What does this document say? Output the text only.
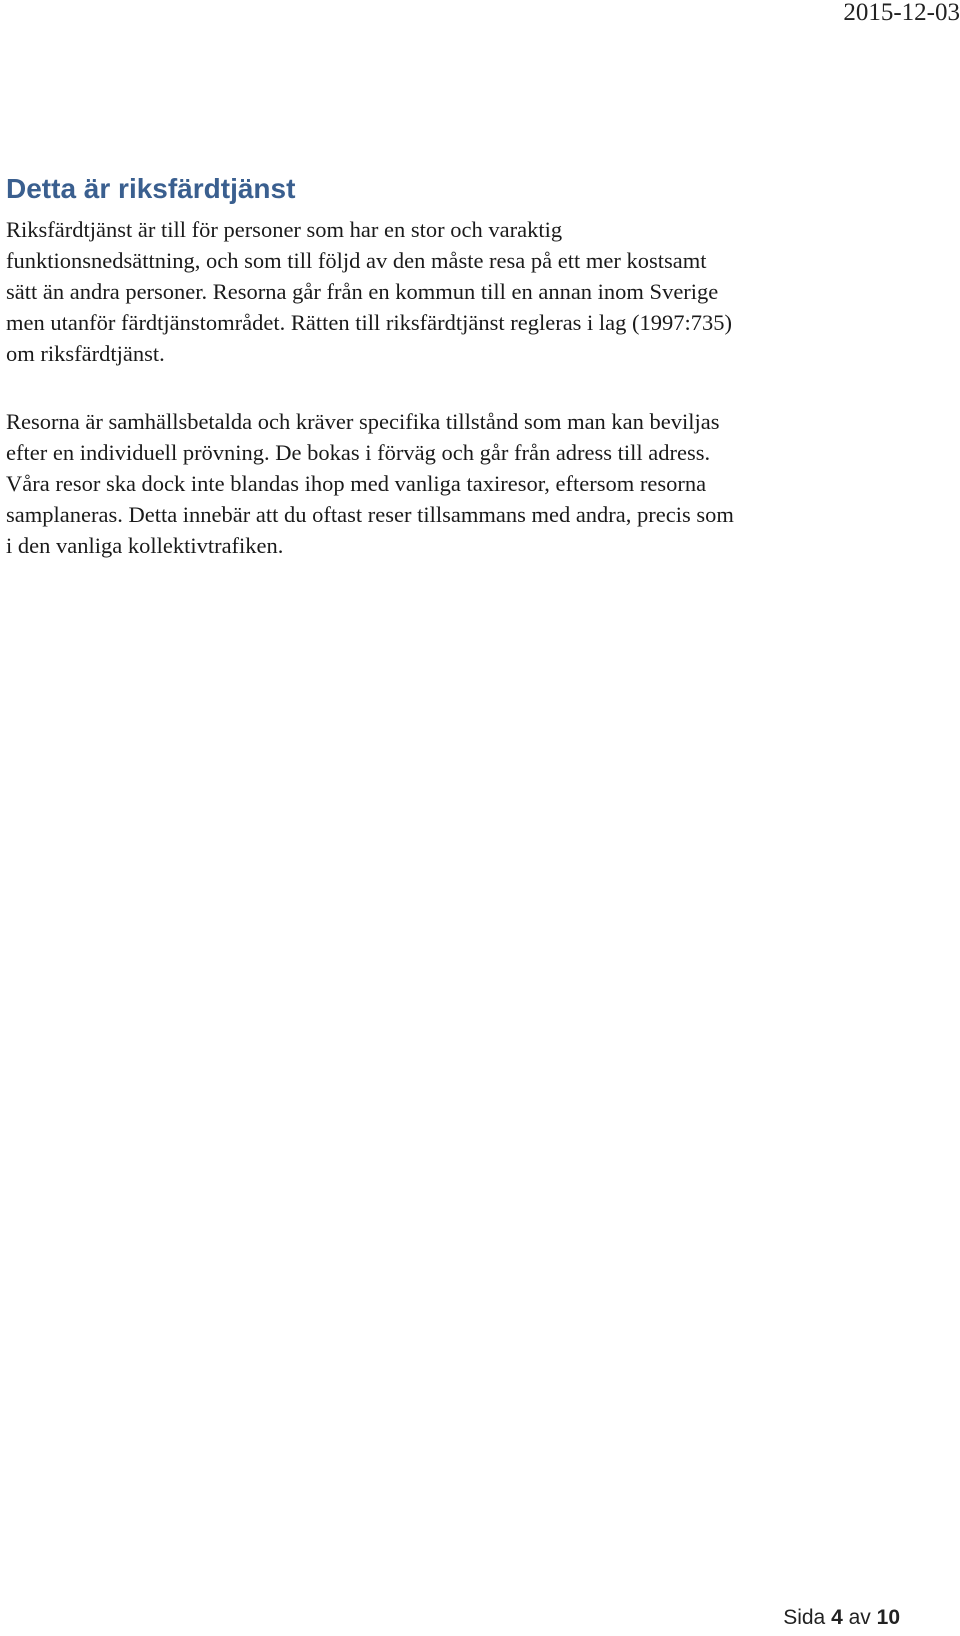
2015-12-03
Detta är riksfärdtjänst

Riksfärdtjänst är till för personer som har en stor och varaktig
funktionsnedsättning, och som till följd av den måste resa på ett mer kostsamt
sätt än andra personer. Resorna går från en kommun till en annan inom Sverige
men utanför färdtjänstområdet. Rätten till riksfärdtjänst regleras i lag (1997:735)
om riksfärdtjänst.

Resorna är samhällsbetalda och kräver specifika tillstånd som man kan beviljas
efter en individuell prövning. De bokas i förväg och går från adress till adress.
Våra resor ska dock inte blandas ihop med vanliga taxiresor, eftersom resorna
samplaneras. Detta innebär att du oftast reser tillsammans med andra, precis som
i den vanliga kollektivtrafiken.

Sida 4 av 10
